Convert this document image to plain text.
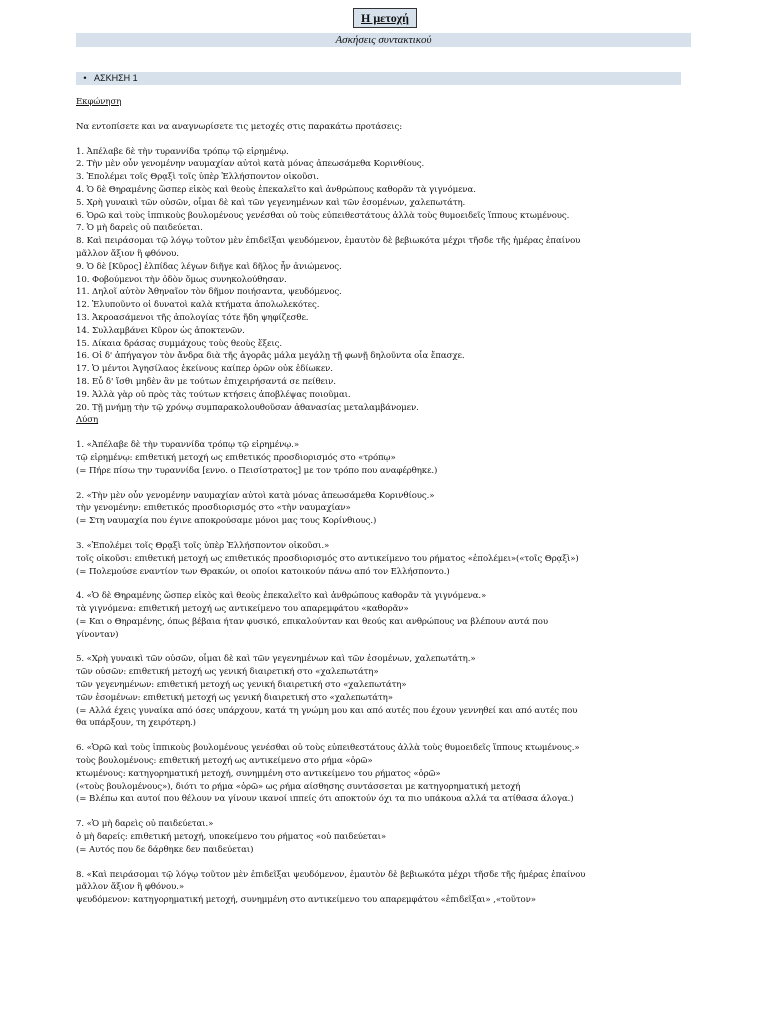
Η μετοχή
Ασκήσεις συντακτικού
• ΑΣΚΗΣΗ 1
Εκφώνηση
Να εντοπίσετε και να αναγνωρίσετε τις μετοχές στις παρακάτω προτάσεις:
1. Ἀπέλαβε δὲ τὴν τυραννίδα τρόπῳ τῷ εἰρημένῳ.
2. Τὴν μὲν οὖν γενομένην ναυμαχίαν αὐτοὶ κατὰ μόνας ἀπεωσάμεθα Κορινθίους.
3. Ἐπολέμει τοῖς Θρᾳξὶ τοῖς ὑπὲρ Ἑλλήσποντον οἰκοῦσι.
4. Ὁ δὲ Θηραμένης ὥσπερ εἰκὸς καὶ θεοὺς ἐπεκαλεῖτο καὶ ἀνθρώπους καθορᾶν τὰ γιγνόμενα.
5. Χρὴ γυναικὶ τῶν οὐσῶν, οἶμαι δὲ καὶ τῶν γεγενημένων καὶ τῶν ἐσομένων, χαλεπωτάτη.
6. Ὁρῶ καὶ τοὺς ἱππικοὺς βουλομένους γενέσθαι οὐ τοὺς εὐπειθεστάτους ἀλλὰ τοὺς θυμοειδεῖς ἵππους κτωμένους.
7. Ὁ μὴ δαρεὶς οὐ παιδεύεται.
8. Καὶ πειράσομαι τῷ λόγῳ τοῦτον μὲν ἐπιδεῖξαι ψευδόμενον, ἐμαυτὸν δὲ βεβιωκότα μέχρι τῆσδε τῆς ἡμέρας ἐπαίνου
μᾶλλον ἄξιον ἢ φθόνου.
9. Ὁ δὲ [Κῦρος] ἐλπίδας λέγων διῆγε καὶ δῆλος ἦν ἀνιώμενος.
10. Φοβούμενοι τὴν ὁδὸν ὅμως συνηκολούθησαν.
11. Δηλοῖ αὐτὸν Ἀθηναῖον τὸν δῆμον ποιήσαντα, ψευδόμενος.
12. Ἐλυποῦντο οἱ δυνατοὶ καλὰ κτήματα ἀπολωλεκότες.
13. Ἀκροασάμενοι τῆς ἀπολογίας τότε ἤδη ψηφίζεσθε.
14. Συλλαμβάνει Κῦρον ὡς ἀποκτενῶν.
15. Δίκαια δράσας συμμάχους τοὺς θεοὺς ἕξεις.
16. Οἱ δ' ἀπήγαγον τὸν ἄνδρα διὰ τῆς ἀγορᾶς μάλα μεγάλῃ τῇ φωνῇ δηλοῦντα οἷα ἔπασχε.
17. Ὁ μέντοι Ἀγησίλαος ἐκείνους καίπερ ὁρῶν οὐκ ἐδίωκεν.
18. Εὖ δ' ἴσθι μηδὲν ἂν με τούτων ἐπιχειρήσαντά σε πείθειν.
19. Ἀλλὰ γὰρ οὐ πρὸς τὰς τούτων κτήσεις ἀποβλέψας ποιοῦμαι.
20. Τῇ μνήμῃ τὴν τῷ χρόνῳ συμπαρακολουθοῦσαν ἀθανασίας μεταλαμβάνομεν.
Λύση
1. «Ἀπέλαβε δὲ τὴν τυραννίδα τρόπῳ τῷ εἰρημένῳ.»
τῷ εἰρημένῳ: επιθετική μετοχή ως επιθετικός προσδιορισμός στο «τρόπῳ»
(= Πήρε πίσω την τυραννίδα [εννο. ο Πεισίστρατος] με τον τρόπο που αναφέρθηκε.)
2. «Τὴν μὲν οὖν γενομένην ναυμαχίαν αὐτοὶ κατὰ μόνας ἀπεωσάμεθα Κορινθίους.»
τὴν γενομένην: επιθετικός προσδιορισμός στο «τὴν ναυμαχίαν»
(= Στη ναυμαχία που έγινε αποκρούσαμε μόνοι μας τους Κορίνθιους.)
3. «Ἐπολέμει τοῖς Θρᾳξὶ τοῖς ὑπὲρ Ἑλλήσποντον οἰκοῦσι.»
τοῖς οἰκοῦσι: επιθετική μετοχή ως επιθετικός προσδιορισμός στο αντικείμενο του ρήματος «ἐπολέμει»(«τοῖς Θρᾳξὶ»)
(= Πολεμούσε εναντίον των Θρακών, οι οποίοι κατοικούν πάνω από τον Ελλήσποντο.)
4. «Ὁ δὲ Θηραμένης ὥσπερ εἰκὸς καὶ θεοὺς ἐπεκαλεῖτο καὶ ἀνθρώπους καθορᾶν τὰ γιγνόμενα.»
τὰ γιγνόμενα: επιθετική μετοχή ως αντικείμενο του απαρεμφάτου «καθορᾶν»
(= Και ο Θηραμένης, όπως βέβαια ήταν φυσικό, επικαλούνταν και θεούς και ανθρώπους να βλέπουν αυτά που
γίνονταν)
5. «Χρὴ γυναικὶ τῶν οὐσῶν, οἶμαι δὲ καὶ τῶν γεγενημένων καὶ τῶν ἐσομένων, χαλεπωτάτη.»
τῶν οὐσῶν: επιθετική μετοχή ως γενική διαιρετική στο «χαλεπωτάτη»
τῶν γεγενημένων: επιθετική μετοχή ως γενική διαιρετική στο «χαλεπωτάτη»
τῶν ἐσομένων: επιθετική μετοχή ως γενική διαιρετική στο «χαλεπωτάτη»
(= Αλλά έχεις γυναίκα από όσες υπάρχουν, κατά τη γνώμη μου και από αυτές που έχουν γεννηθεί και από αυτές που
θα υπάρξουν, τη χειρότερη.)
6. «Ὁρῶ καὶ τοὺς ἱππικοὺς βουλομένους γενέσθαι οὐ τοὺς εὐπειθεστάτους ἀλλὰ τοὺς θυμοειδεῖς ἵππους κτωμένους.»
τοὺς βουλομένους: επιθετική μετοχή ως αντικείμενο στο ρήμα «ὁρῶ»
κτωμένους: κατηγορηματική μετοχή, συνημμένη στο αντικείμενο του ρήματος «ὁρῶ»
(«τοὺς βουλομένους»), διότι το ρήμα «ὁρῶ» ως ρήμα αίσθησης συντάσσεται με κατηγορηματική μετοχή
(= Βλέπω και αυτοί που θέλουν να γίνουν ικανοί ιππείς ότι αποκτούν όχι τα πιο υπάκουα αλλά τα ατίθασα άλογα.)
7. «Ὁ μὴ δαρεὶς οὐ παιδεύεται.»
ὁ μὴ δαρείς: επιθετική μετοχή, υποκείμενο του ρήματος «οὐ παιδεύεται»
(= Αυτός που δε δάρθηκε δεν παιδεύεται)
8. «Καὶ πειράσομαι τῷ λόγῳ τοῦτον μὲν ἐπιδεῖξαι ψευδόμενον, ἐμαυτὸν δὲ βεβιωκότα μέχρι τῆσδε τῆς ἡμέρας ἐπαίνου
μᾶλλον ἄξιον ἢ φθόνου.»
ψευδόμενον: κατηγορηματική μετοχή, συνημμένη στο αντικείμενο του απαρεμφάτου «ἐπιδεῖξαι» ,«τοῦτον»
